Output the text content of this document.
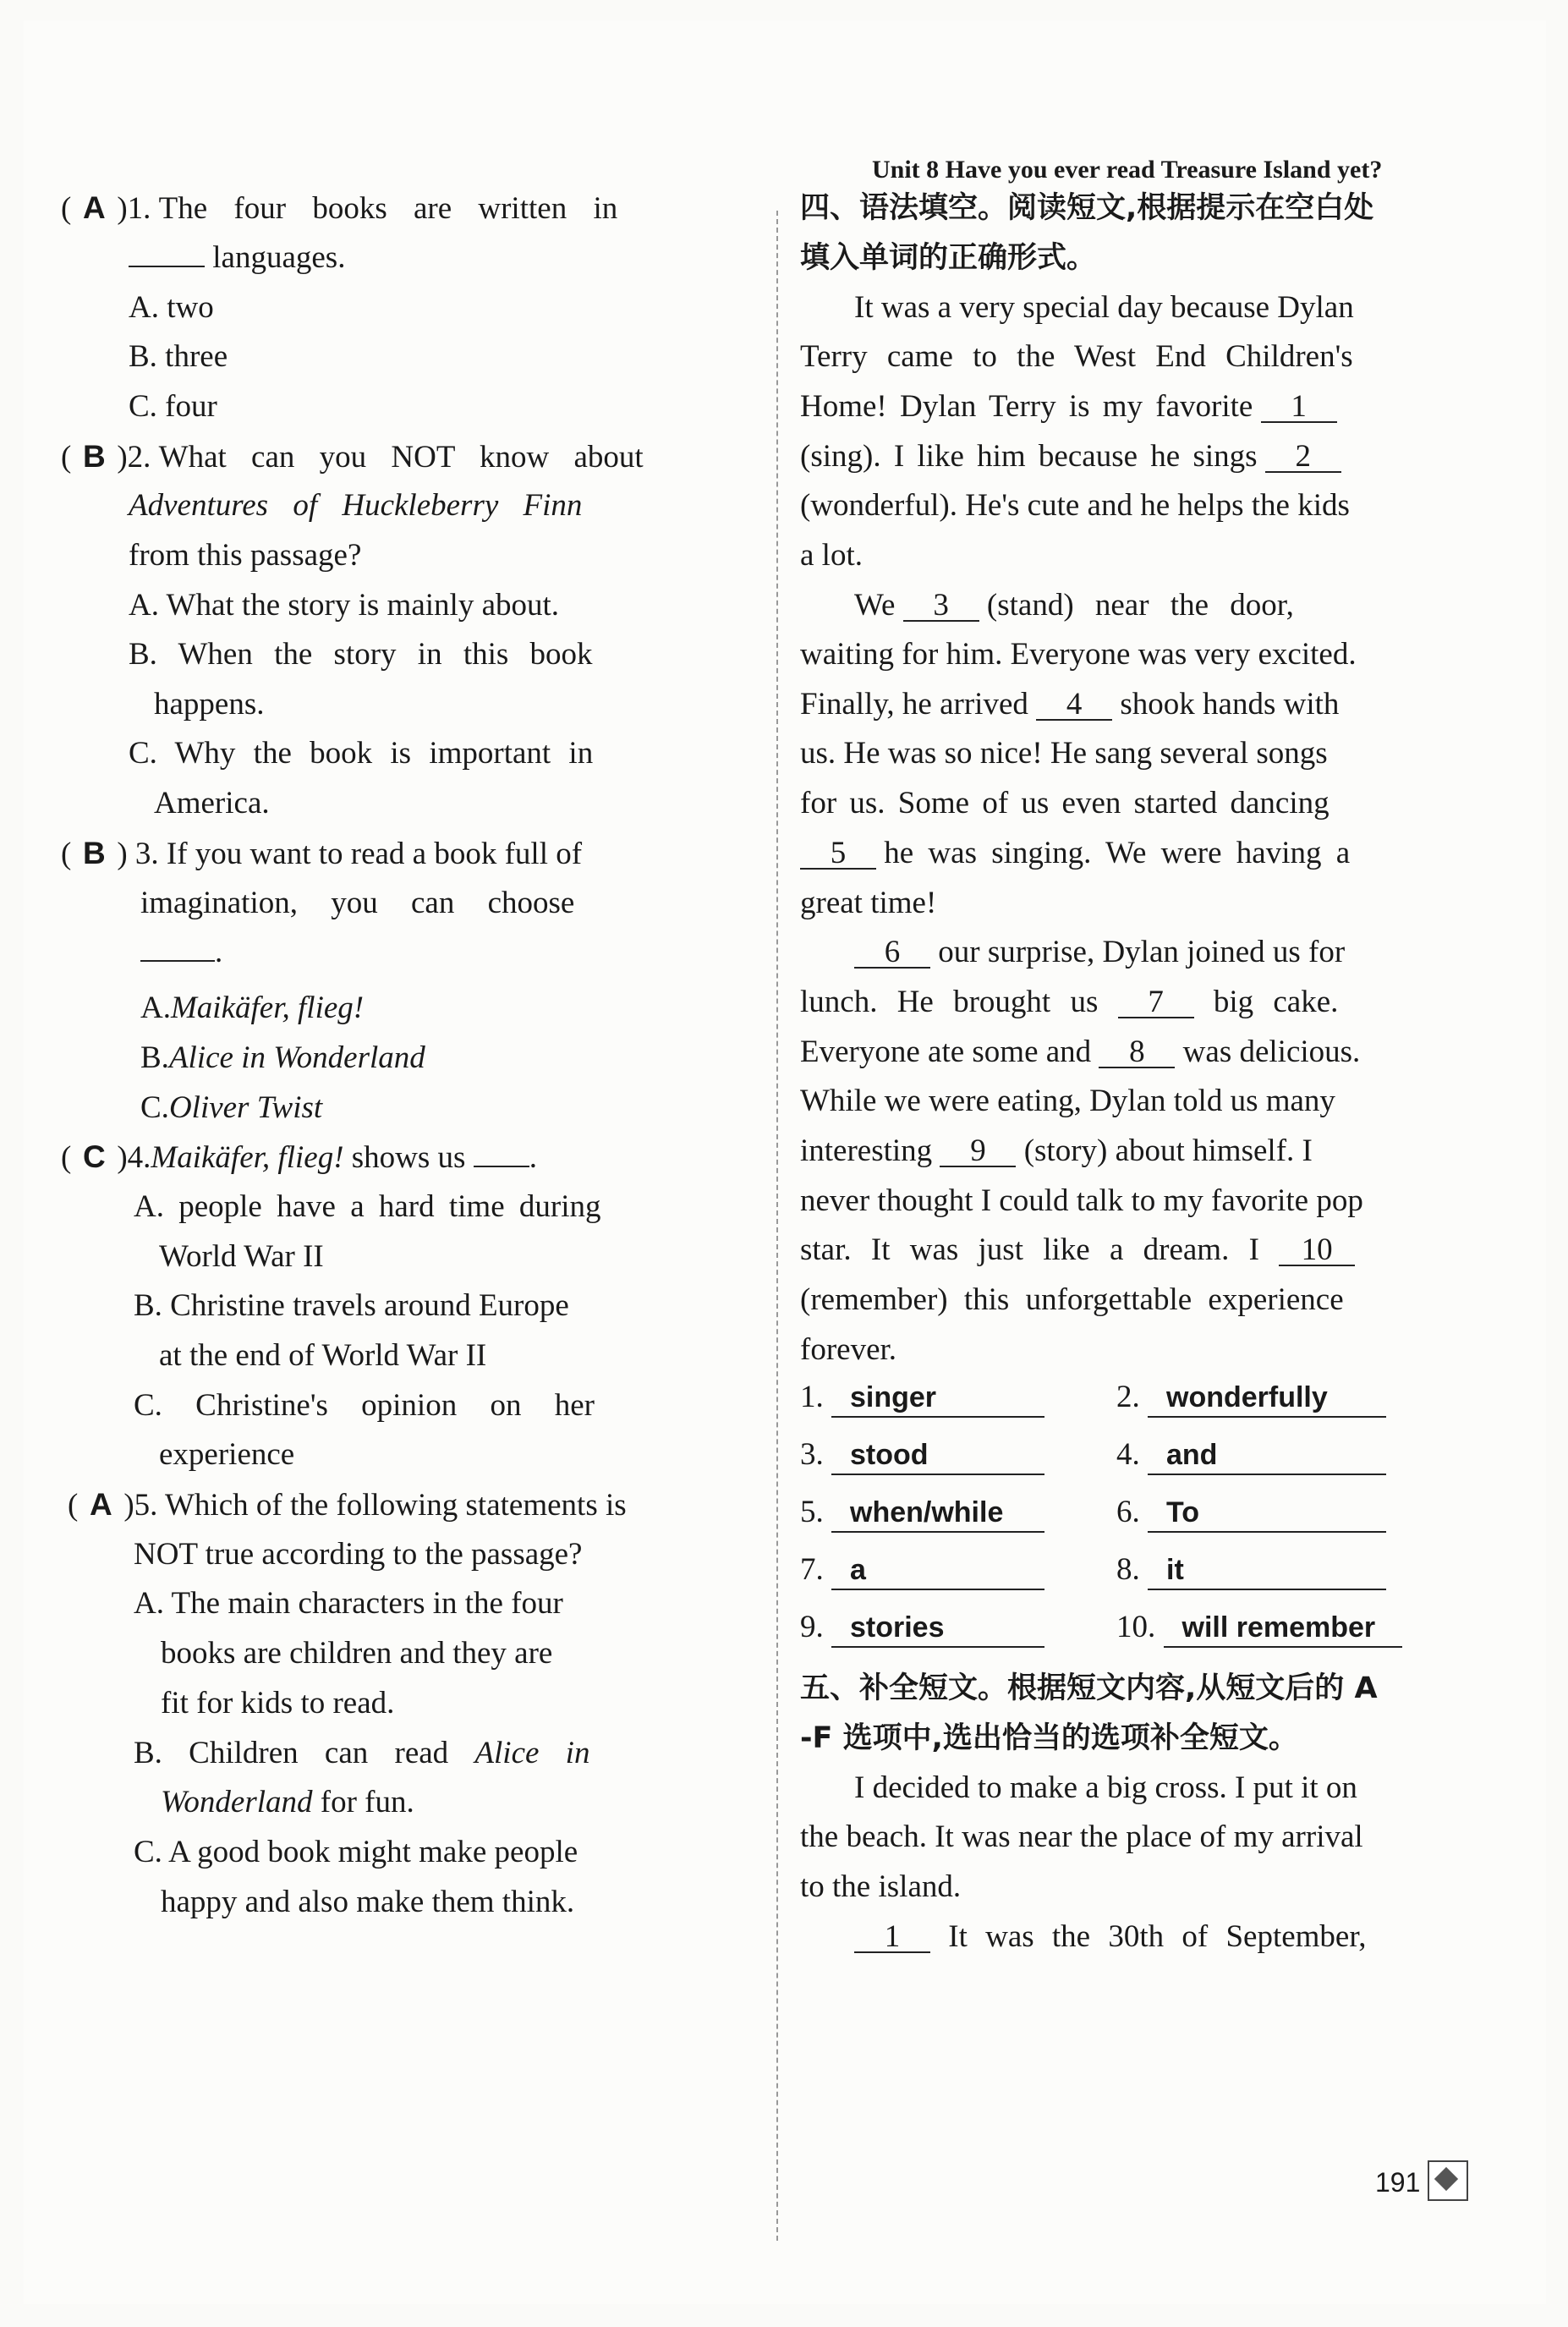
Unit 8 Have you ever read Treasure Island yet?
( A )1. The four books are written in
languages.
A. two
B. three
C. four
( B )2. What can you NOT know about
Adventures of Huckleberry Finn
from this passage?
A. What the story is mainly about.
B. When the story in this book
happens.
C. Why the book is important in
America.
( B ) 3. If you want to read a book full of
imagination, you can choose
.
A.Maikäfer, flieg!
B.Alice in Wonderland
C.Oliver Twist
( C )4.Maikäfer, flieg! shows us .
A. people have a hard time during
World War II
B. Christine travels around Europe
at the end of World War II
C. Christine's opinion on her
experience
( A )5. Which of the following statements is
NOT true according to the passage?
A. The main characters in the four
books are children and they are
fit for kids to read.
B. Children can read Alice in
Wonderland for fun.
C. A good book might make people
happy and also make them think.
四、语法填空。阅读短文,根据提示在空白处
填入单词的正确形式。
It was a very special day because Dylan
Terry came to the West End Children's
Home! Dylan Terry is my favorite 1
(sing). I like him because he sings 2
(wonderful). He's cute and he helps the kids
a lot.
We 3 (stand) near the door,
waiting for him. Everyone was very excited.
Finally, he arrived 4 shook hands with
us. He was so nice! He sang several songs
for us. Some of us even started dancing
5 he was singing. We were having a
great time!
6 our surprise, Dylan joined us for
lunch. He brought us 7 big cake.
Everyone ate some and 8 was delicious.
While we were eating, Dylan told us many
interesting 9 (story) about himself. I
never thought I could talk to my favorite pop
star. It was just like a dream. I 10
(remember) this unforgettable experience
forever.
1. singer	2. wonderfully
3. stood	4. and
5. when/while	6. To
7. a	8. it
9. stories	10. will remember
五、补全短文。根据短文内容,从短文后的 A
-F 选项中,选出恰当的选项补全短文。
I decided to make a big cross. I put it on
the beach. It was near the place of my arrival
to the island.
1 It was the 30th of September,
191
